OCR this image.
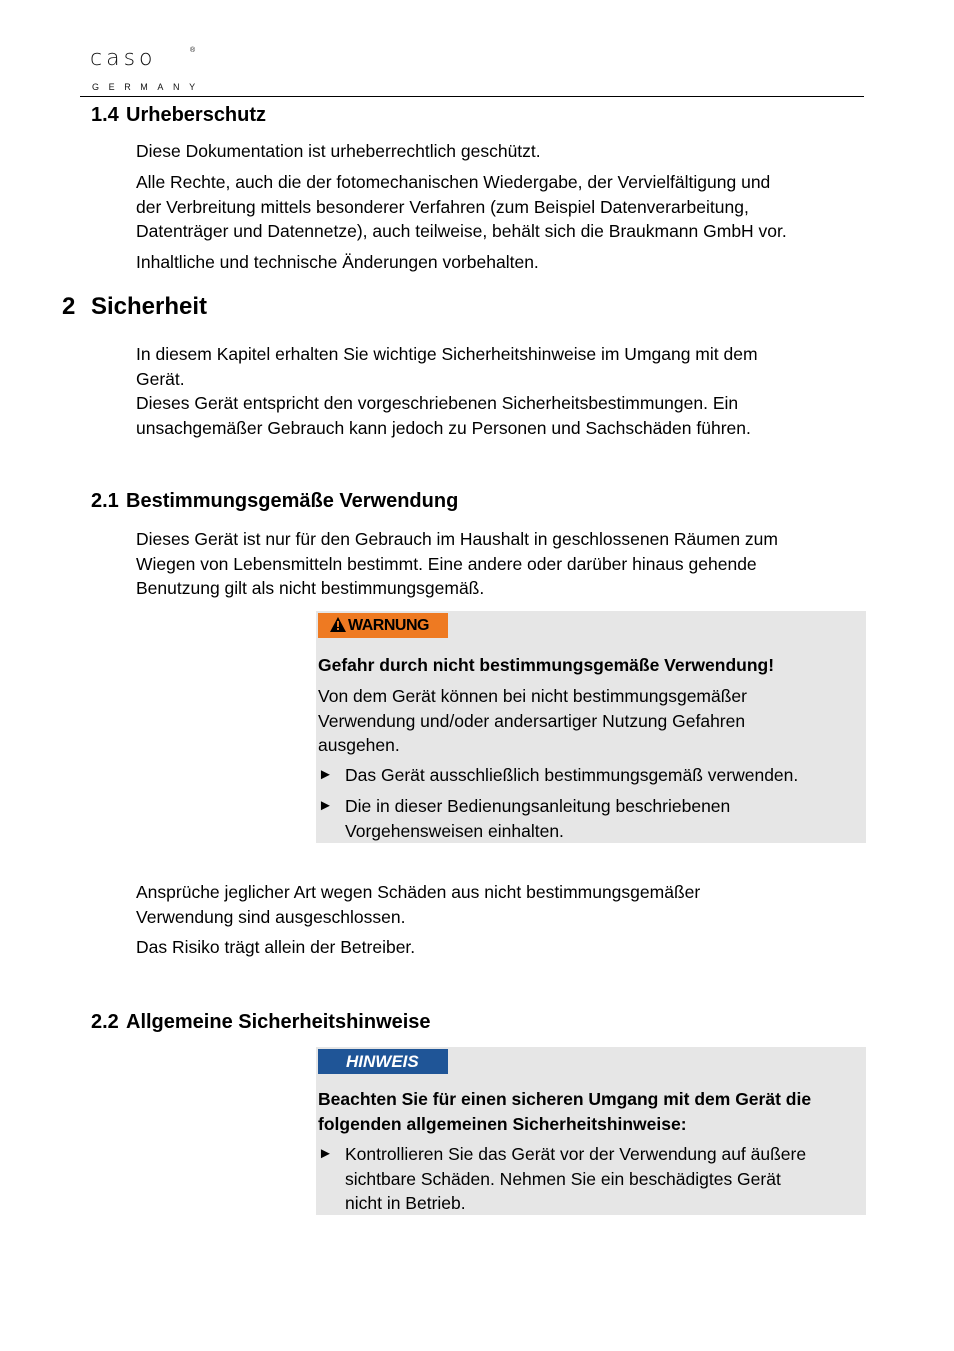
caso	®
GERMANY
1.4 Urheberschutz
Diese Dokumentation ist urheberrechtlich geschützt.
Alle Rechte, auch die der fotomechanischen Wiedergabe, der Vervielfältigung und
der Verbreitung mittels besonderer Verfahren (zum Beispiel Datenverarbeitung,
Datenträger und Datennetze), auch teilweise, behält sich die Braukmann GmbH vor.
Inhaltliche und technische Änderungen vorbehalten.
2 Sicherheit
In diesem Kapitel erhalten Sie wichtige Sicherheitshinweise im Umgang mit dem
Gerät.
Dieses Gerät entspricht den vorgeschriebenen Sicherheitsbestimmungen. Ein
unsachgemäßer Gebrauch kann jedoch zu Personen und Sachschäden führen.
2.1 Bestimmungsgemäße Verwendung
Dieses Gerät ist nur für den Gebrauch im Haushalt in geschlossenen Räumen zum
Wiegen von Lebensmitteln bestimmt. Eine andere oder darüber hinaus gehende
Benutzung gilt als nicht bestimmungsgemäß.
WARNUNG
Gefahr durch nicht bestimmungsgemäße Verwendung!
Von dem Gerät können bei nicht bestimmungsgemäßer
Verwendung und/oder andersartiger Nutzung Gefahren
ausgehen.
► Das Gerät ausschließlich bestimmungsgemäß verwenden.
► Die in dieser Bedienungsanleitung beschriebenen
Vorgehensweisen einhalten.
Ansprüche jeglicher Art wegen Schäden aus nicht bestimmungsgemäßer
Verwendung sind ausgeschlossen.
Das Risiko trägt allein der Betreiber.
2.2 Allgemeine Sicherheitshinweise
HINWEIS
Beachten Sie für einen sicheren Umgang mit dem Gerät die
folgenden allgemeinen Sicherheitshinweise:
► Kontrollieren Sie das Gerät vor der Verwendung auf äußere
sichtbare Schäden. Nehmen Sie ein beschädigtes Gerät
nicht in Betrieb.
